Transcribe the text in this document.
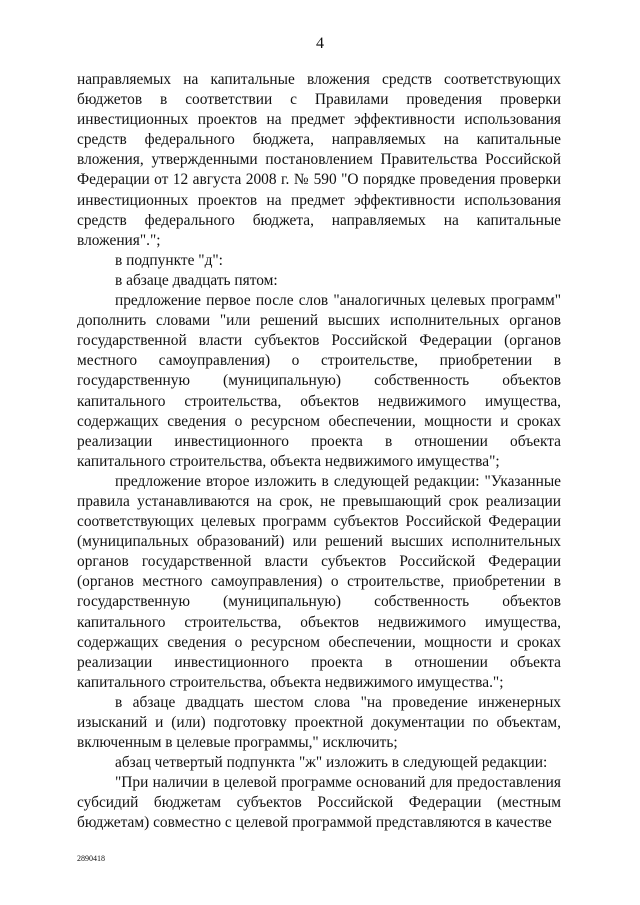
4

направляемых на капитальные вложения средств соответствующих бюджетов в соответствии с Правилами проведения проверки инвестиционных проектов на предмет эффективности использования средств федерального бюджета, направляемых на капитальные вложения, утвержденными постановлением Правительства Российской Федерации от 12 августа 2008 г. № 590 "О порядке проведения проверки инвестиционных проектов на предмет эффективности использования средств федерального бюджета, направляемых на капитальные вложения".";

в подпункте "д":

в абзаце двадцать пятом:

предложение первое после слов "аналогичных целевых программ" дополнить словами "или решений высших исполнительных органов государственной власти субъектов Российской Федерации (органов местного самоуправления) о строительстве, приобретении в государственную (муниципальную) собственность объектов капитального строительства, объектов недвижимого имущества, содержащих сведения о ресурсном обеспечении, мощности и сроках реализации инвестиционного проекта в отношении объекта капитального строительства, объекта недвижимого имущества";

предложение второе изложить в следующей редакции: "Указанные правила устанавливаются на срок, не превышающий срок реализации соответствующих целевых программ субъектов Российской Федерации (муниципальных образований) или решений высших исполнительных органов государственной власти субъектов Российской Федерации (органов местного самоуправления) о строительстве, приобретении в государственную (муниципальную) собственность объектов капитального строительства, объектов недвижимого имущества, содержащих сведения о ресурсном обеспечении, мощности и сроках реализации инвестиционного проекта в отношении объекта капитального строительства, объекта недвижимого имущества.";

в абзаце двадцать шестом слова "на проведение инженерных изысканий и (или) подготовку проектной документации по объектам, включенным в целевые программы," исключить;

абзац четвертый подпункта "ж" изложить в следующей редакции:

"При наличии в целевой программе оснований для предоставления субсидий бюджетам субъектов Российской Федерации (местным бюджетам) совместно с целевой программой представляются в качестве

2890418
